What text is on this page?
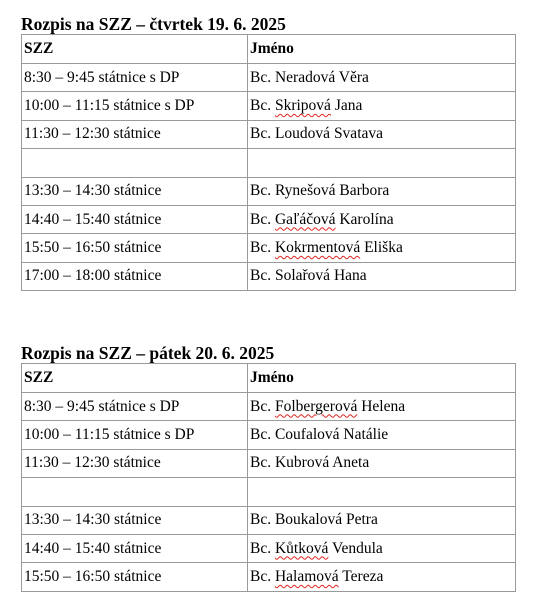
Rozpis na SZZ – čtvrtek 19. 6. 2025
SZZ	Jméno
8:30 – 9:45 státnice s DP	Bc. Neradová Věra
10:00 – 11:15 státnice s DP	Bc. Skripová Jana
11:30 – 12:30 státnice	Bc. Loudová Svatava

13:30 – 14:30 státnice	Bc. Rynešová Barbora
14:40 – 15:40 státnice	Bc. Gaľáčová Karolína
15:50 – 16:50 státnice	Bc. Kokrmentová Eliška
17:00 – 18:00 státnice	Bc. Solařová Hana
Rozpis na SZZ – pátek 20. 6. 2025
SZZ	Jméno
8:30 – 9:45 státnice s DP	Bc. Folbergerová Helena
10:00 – 11:15 státnice s DP	Bc. Coufalová Natálie
11:30 – 12:30 státnice	Bc. Kubrová Aneta

13:30 – 14:30 státnice	Bc. Boukalová Petra
14:40 – 15:40 státnice	Bc. Kůtková Vendula
15:50 – 16:50 státnice	Bc. Halamová Tereza
